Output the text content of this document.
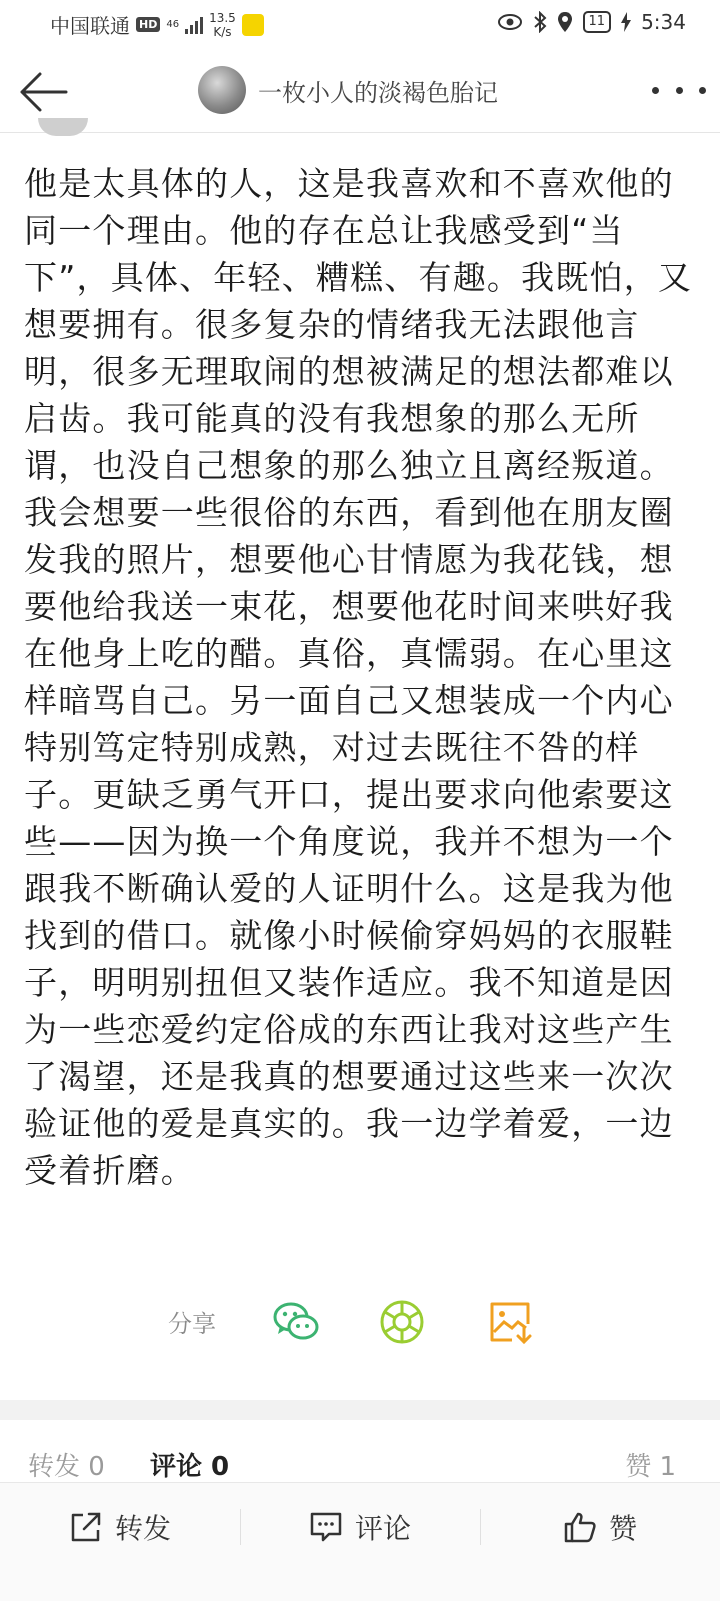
中国联通 HD 46	13.5
K/s
11	5:34
一枚小人的淡褐色胎记
他是太具体的人，这是我喜欢和不喜欢他的同一个理由。他的存在总让我感受到“当下”，具体、年轻、糟糕、有趣。我既怕，又想要拥有。很多复杂的情绪我无法跟他言明，很多无理取闹的想被满足的想法都难以启齿。我可能真的没有我想象的那么无所谓，也没自己想象的那么独立且离经叛道。我会想要一些很俗的东西，看到他在朋友圈发我的照片，想要他心甘情愿为我花钱，想要他给我送一束花，想要他花时间来哄好我在他身上吃的醋。真俗，真懦弱。在心里这样暗骂自己。另一面自己又想装成一个内心特别笃定特别成熟，对过去既往不咎的样子。更缺乏勇气开口，提出要求向他索要这些——因为换一个角度说，我并不想为一个跟我不断确认爱的人证明什么。这是我为他找到的借口。就像小时候偷穿妈妈的衣服鞋子，明明别扭但又装作适应。我不知道是因为一些恋爱约定俗成的东西让我对这些产生了渴望，还是我真的想要通过这些来一次次验证他的爱是真实的。我一边学着爱，一边受着折磨。
分享
转发 0 评论 0	赞 1
转发	评论	赞
